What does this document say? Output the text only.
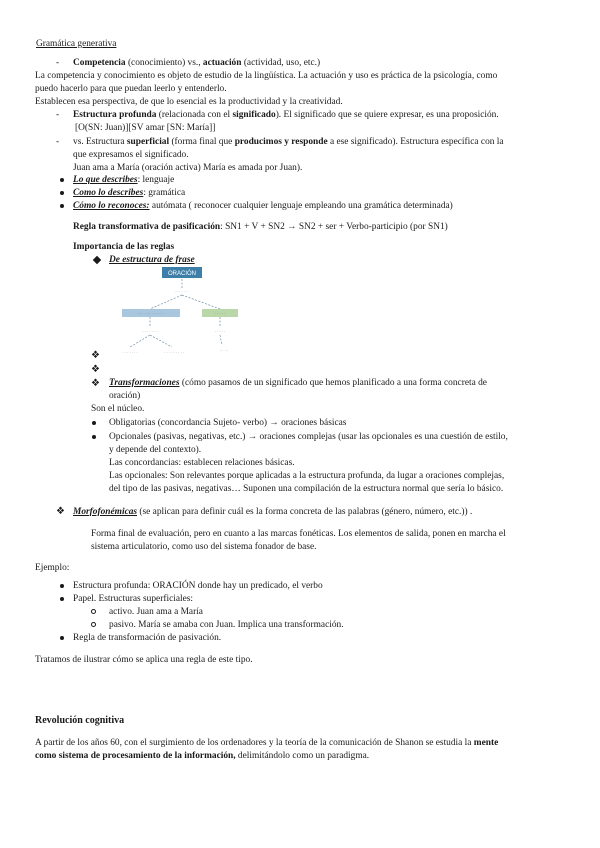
Gramática generativa
- Competencia (conocimiento) vs., actuación (actividad, uso, etc.)
La competencia y conocimiento es objeto de estudio de la lingüística. La actuación y uso es práctica de la psicología, como
puedo hacerlo para que puedan leerlo y entenderlo.
Establecen esa perspectiva, de que lo esencial es la productividad y la creatividad.
- Estructura profunda (relacionada con el significado). El significado que se quiere expresar, es una proposición.
[O(SN: Juan)][SV amar [SN: María]]
- vs. Estructura superficial (forma final que producimos y responde a ese significado). Estructura específica con la
que expresamos el significado.
Juan ama a María (oración activa) María es amada por Juan).
Lo que describes: lenguaje
Como lo describes: gramática
Cómo lo reconoces: autómata ( reconocer cualquier lenguaje empleando una gramática determinada)
Regla transformativa de pasificación: SN1 + V + SN2 → SN2 + ser + Verbo-participio (por SN1)
Importancia de las reglas
De estructura de frase
ORACIÓN
· · · · · · ·
· · · · · · · · · · · ·	· · · · ·
· · · · · · ·	· · · · ·
· · · · · · ·	· · · · · · · · ·	· · · ·
❖
❖
❖ Transformaciones (cómo pasamos de un significado que hemos planificado a una forma concreta de
oración)
Son el núcleo.
Obligatorias (concordancia Sujeto- verbo) → oraciones básicas
Opcionales (pasivas, negativas, etc.) → oraciones complejas (usar las opcionales es una cuestión de estilo,
y depende del contexto).
Las concordancias: establecen relaciones básicas.
Las opcionales: Son relevantes porque aplicadas a la estructura profunda, da lugar a oraciones complejas,
del tipo de las pasivas, negativas… Suponen una compilación de la estructura normal que sería lo básico.
❖ Morfofonémicas (se aplican para definir cuál es la forma concreta de las palabras (género, número, etc.)) .
Forma final de evaluación, pero en cuanto a las marcas fonéticas. Los elementos de salida, ponen en marcha el
sistema articulatorio, como uso del sistema fonador de base.
Ejemplo:
Estructura profunda: ORACIÓN donde hay un predicado, el verbo
Papel. Estructuras superficiales:
activo. Juan ama a María
pasivo. María se amaba con Juan. Implica una transformación.
Regla de transformación de pasivación.
Tratamos de ilustrar cómo se aplica una regla de este tipo.
Revolución cognitiva
A partir de los años 60, con el surgimiento de los ordenadores y la teoría de la comunicación de Shanon se estudia la mente
como sistema de procesamiento de la información, delimitándolo como un paradigma.
